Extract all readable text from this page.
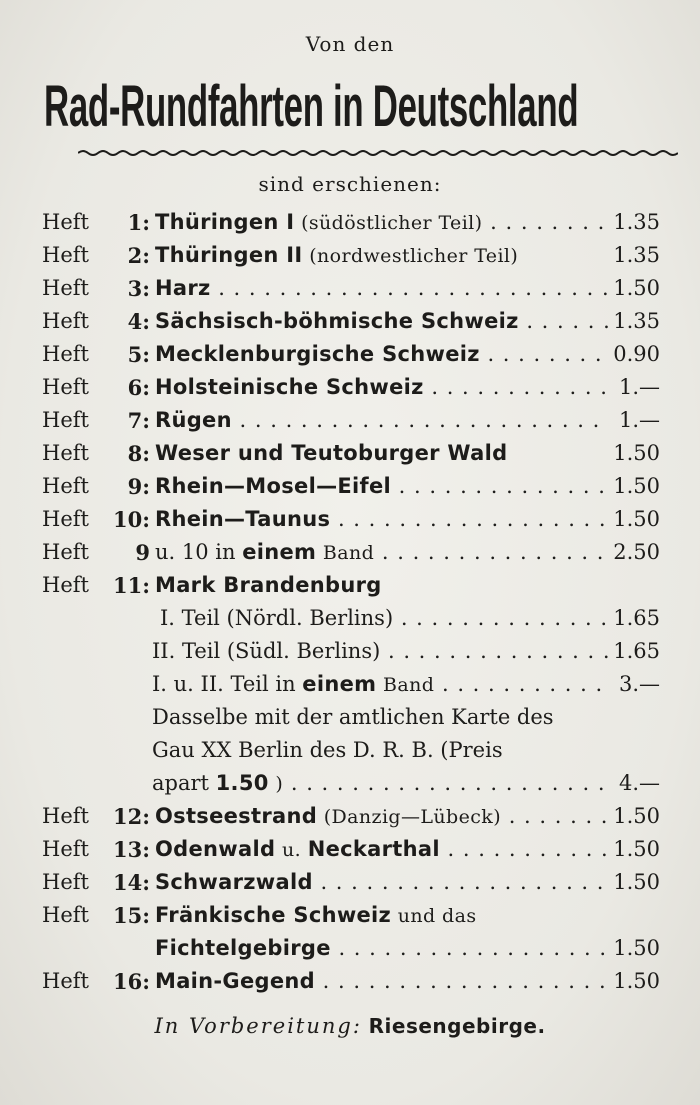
Von den
Rad-Rundfahrten in Deutschland
sind erschienen:
Heft 1: Thüringen I (südöstlicher Teil) . .	1.35
Heft 2: Thüringen II (nordwestlicher Teil)	1.35
Heft 3: Harz . .	1.50
Heft 4: Sächsisch-böhmische Schweiz . .	1.35
Heft 5: Mecklenburgische Schweiz . .	0.90
Heft 6: Holsteinische Schweiz . .	1.—
Heft 7: Rügen . .	1.—
Heft 8: Weser und Teutoburger Wald	1.50
Heft 9: Rhein—Mosel—Eifel . .	1.50
Heft 10: Rhein—Taunus . .	1.50
Heft 9 u. 10 in einem Band . .	2.50
Heft 11: Mark Brandenburg
I. Teil (Nördl. Berlins) . .	1.65
II. Teil (Südl. Berlins) . .	1.65
I. u. II. Teil in einem Band . .	3.—
Dasselbe mit der amtlichen Karte des
Gau XX Berlin des D. R. B. (Preis
apart 1.50 ) . .	4.—
Heft 12: Ostseestrand (Danzig—Lübeck) . .	1.50
Heft 13: Odenwald u. Neckarthal . .	1.50
Heft 14: Schwarzwald . .	1.50
Heft 15: Fränkische Schweiz und das
Fichtelgebirge . .	1.50
Heft 16: Main-Gegend . .	1.50
In Vorbereitung: Riesengebirge.
